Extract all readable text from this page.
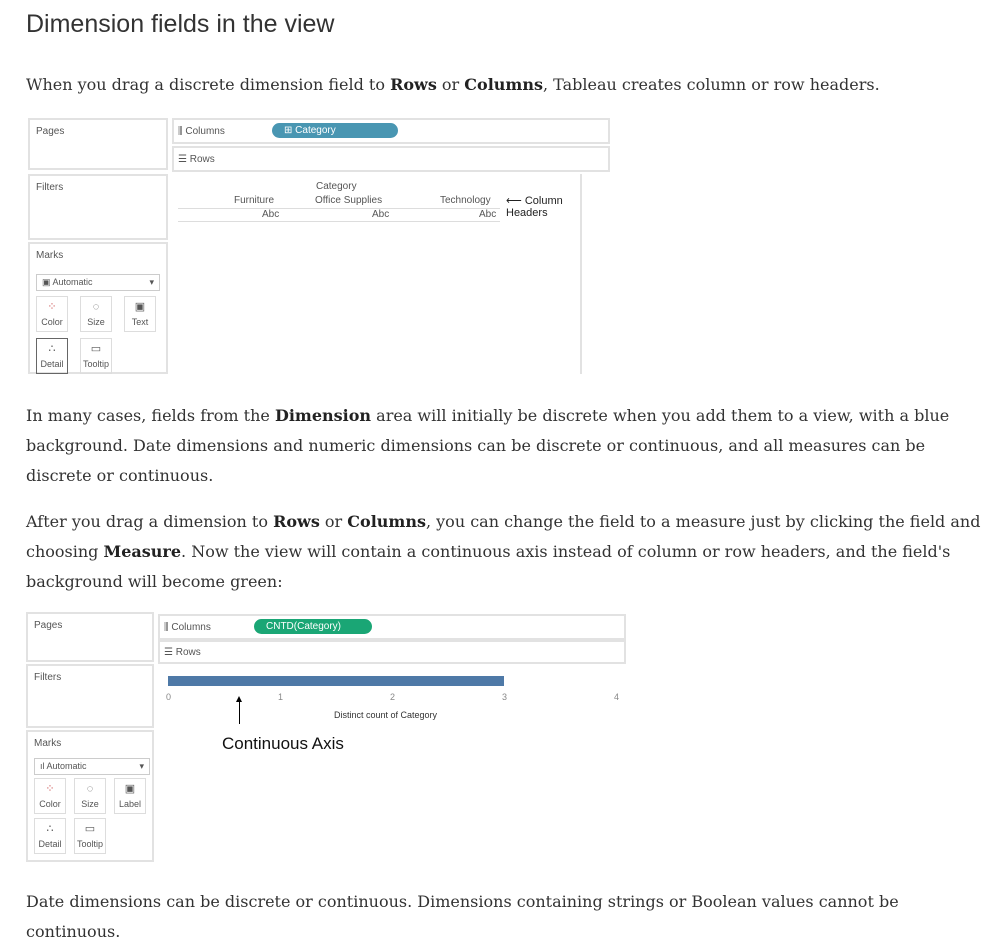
Dimension fields in the view
When you drag a discrete dimension field to Rows or Columns, Tableau creates column or row headers.
Pages
Filters
Marks
▣ Automatic	▾
⁘
Color
◌
Size
▣
Text
∴
Detail
▭
Tooltip
⫼ Columns	⊞ Category
☰ Rows
Category
Furniture	Office Supplies	Technology
Abc	Abc	Abc
⟵ Column Headers
In many cases, fields from the Dimension area will initially be discrete when you add them to a view, with a blue background. Date dimensions and numeric dimensions can be discrete or continuous, and all measures can be discrete or continuous.
After you drag a dimension to Rows or Columns, you can change the field to a measure just by clicking the field and choosing Measure. Now the view will contain a continuous axis instead of column or row headers, and the field's background will become green:
Pages
Filters
Marks
ıl Automatic	▾
⁘
Color
◌
Size
▣
Label
∴
Detail
▭
Tooltip
⫼ Columns	CNTD(Category)
☰ Rows
0	1	2	3	4
Distinct count of Category
Continuous Axis
Date dimensions can be discrete or continuous. Dimensions containing strings or Boolean values cannot be continuous.
